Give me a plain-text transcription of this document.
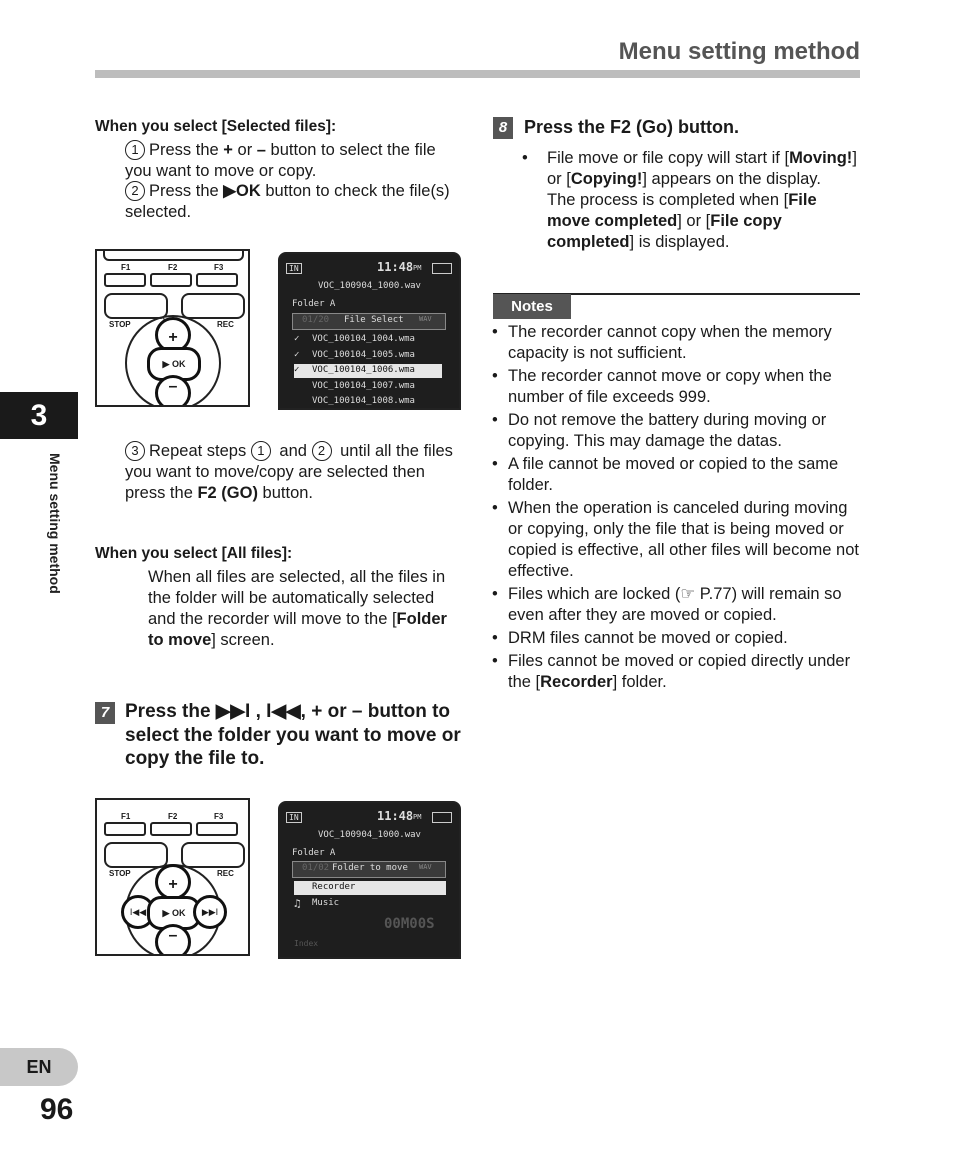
Menu setting method
3
Menu setting method
EN
96
When you select [Selected files]:
1 Press the + or – button to select the file you want to move or copy.
2 Press the ▶OK button to check the file(s) selected.
F1	F2	F3
STOP	REC
+
▶ OK
–
IN	11:48 PM
VOC_100904_1000.wav
Folder A
01/20 File Select WAV
✓ VOC_100104_1004.wma
✓ VOC_100104_1005.wma
✓ VOC_100104_1006.wma
VOC_100104_1007.wma
VOC_100104_1008.wma
3 Repeat steps 1 and 2 until all the files you want to move/copy are selected then press the F2 (GO) button.
When you select [All files]:
When all files are selected, all the files in the folder will be automatically selected and the recorder will move to the [Folder to move] screen.
7 Press the ▶▶I , I◀◀, + or – button to select the folder you want to move or copy the file to.
F1	F2	F3
STOP	REC
+
I◀◀	▶ OK	▶▶I
–
IN	11:48 PM
VOC_100904_1000.wav
Folder A
01/02 Folder to move WAV
Recorder
♫ Music
00M00S
Index
8 Press the F2 (Go) button.
•	File move or file copy will start if [Moving!] or [Copying!] appears on the display.
The process is completed when [File move completed] or [File copy completed] is displayed.
Notes
• The recorder cannot copy when the memory capacity is not sufficient.
• The recorder cannot move or copy when the number of file exceeds 999.
• Do not remove the battery during moving or copying. This may damage the datas.
• A file cannot be moved or copied to the same folder.
• When the operation is canceled during moving or copying, only the file that is being moved or copied is effective, all other files will become not effective.
• Files which are locked (☞ P.77) will remain so even after they are moved or copied.
• DRM files cannot be moved or copied.
• Files cannot be moved or copied directly under the [Recorder] folder.
